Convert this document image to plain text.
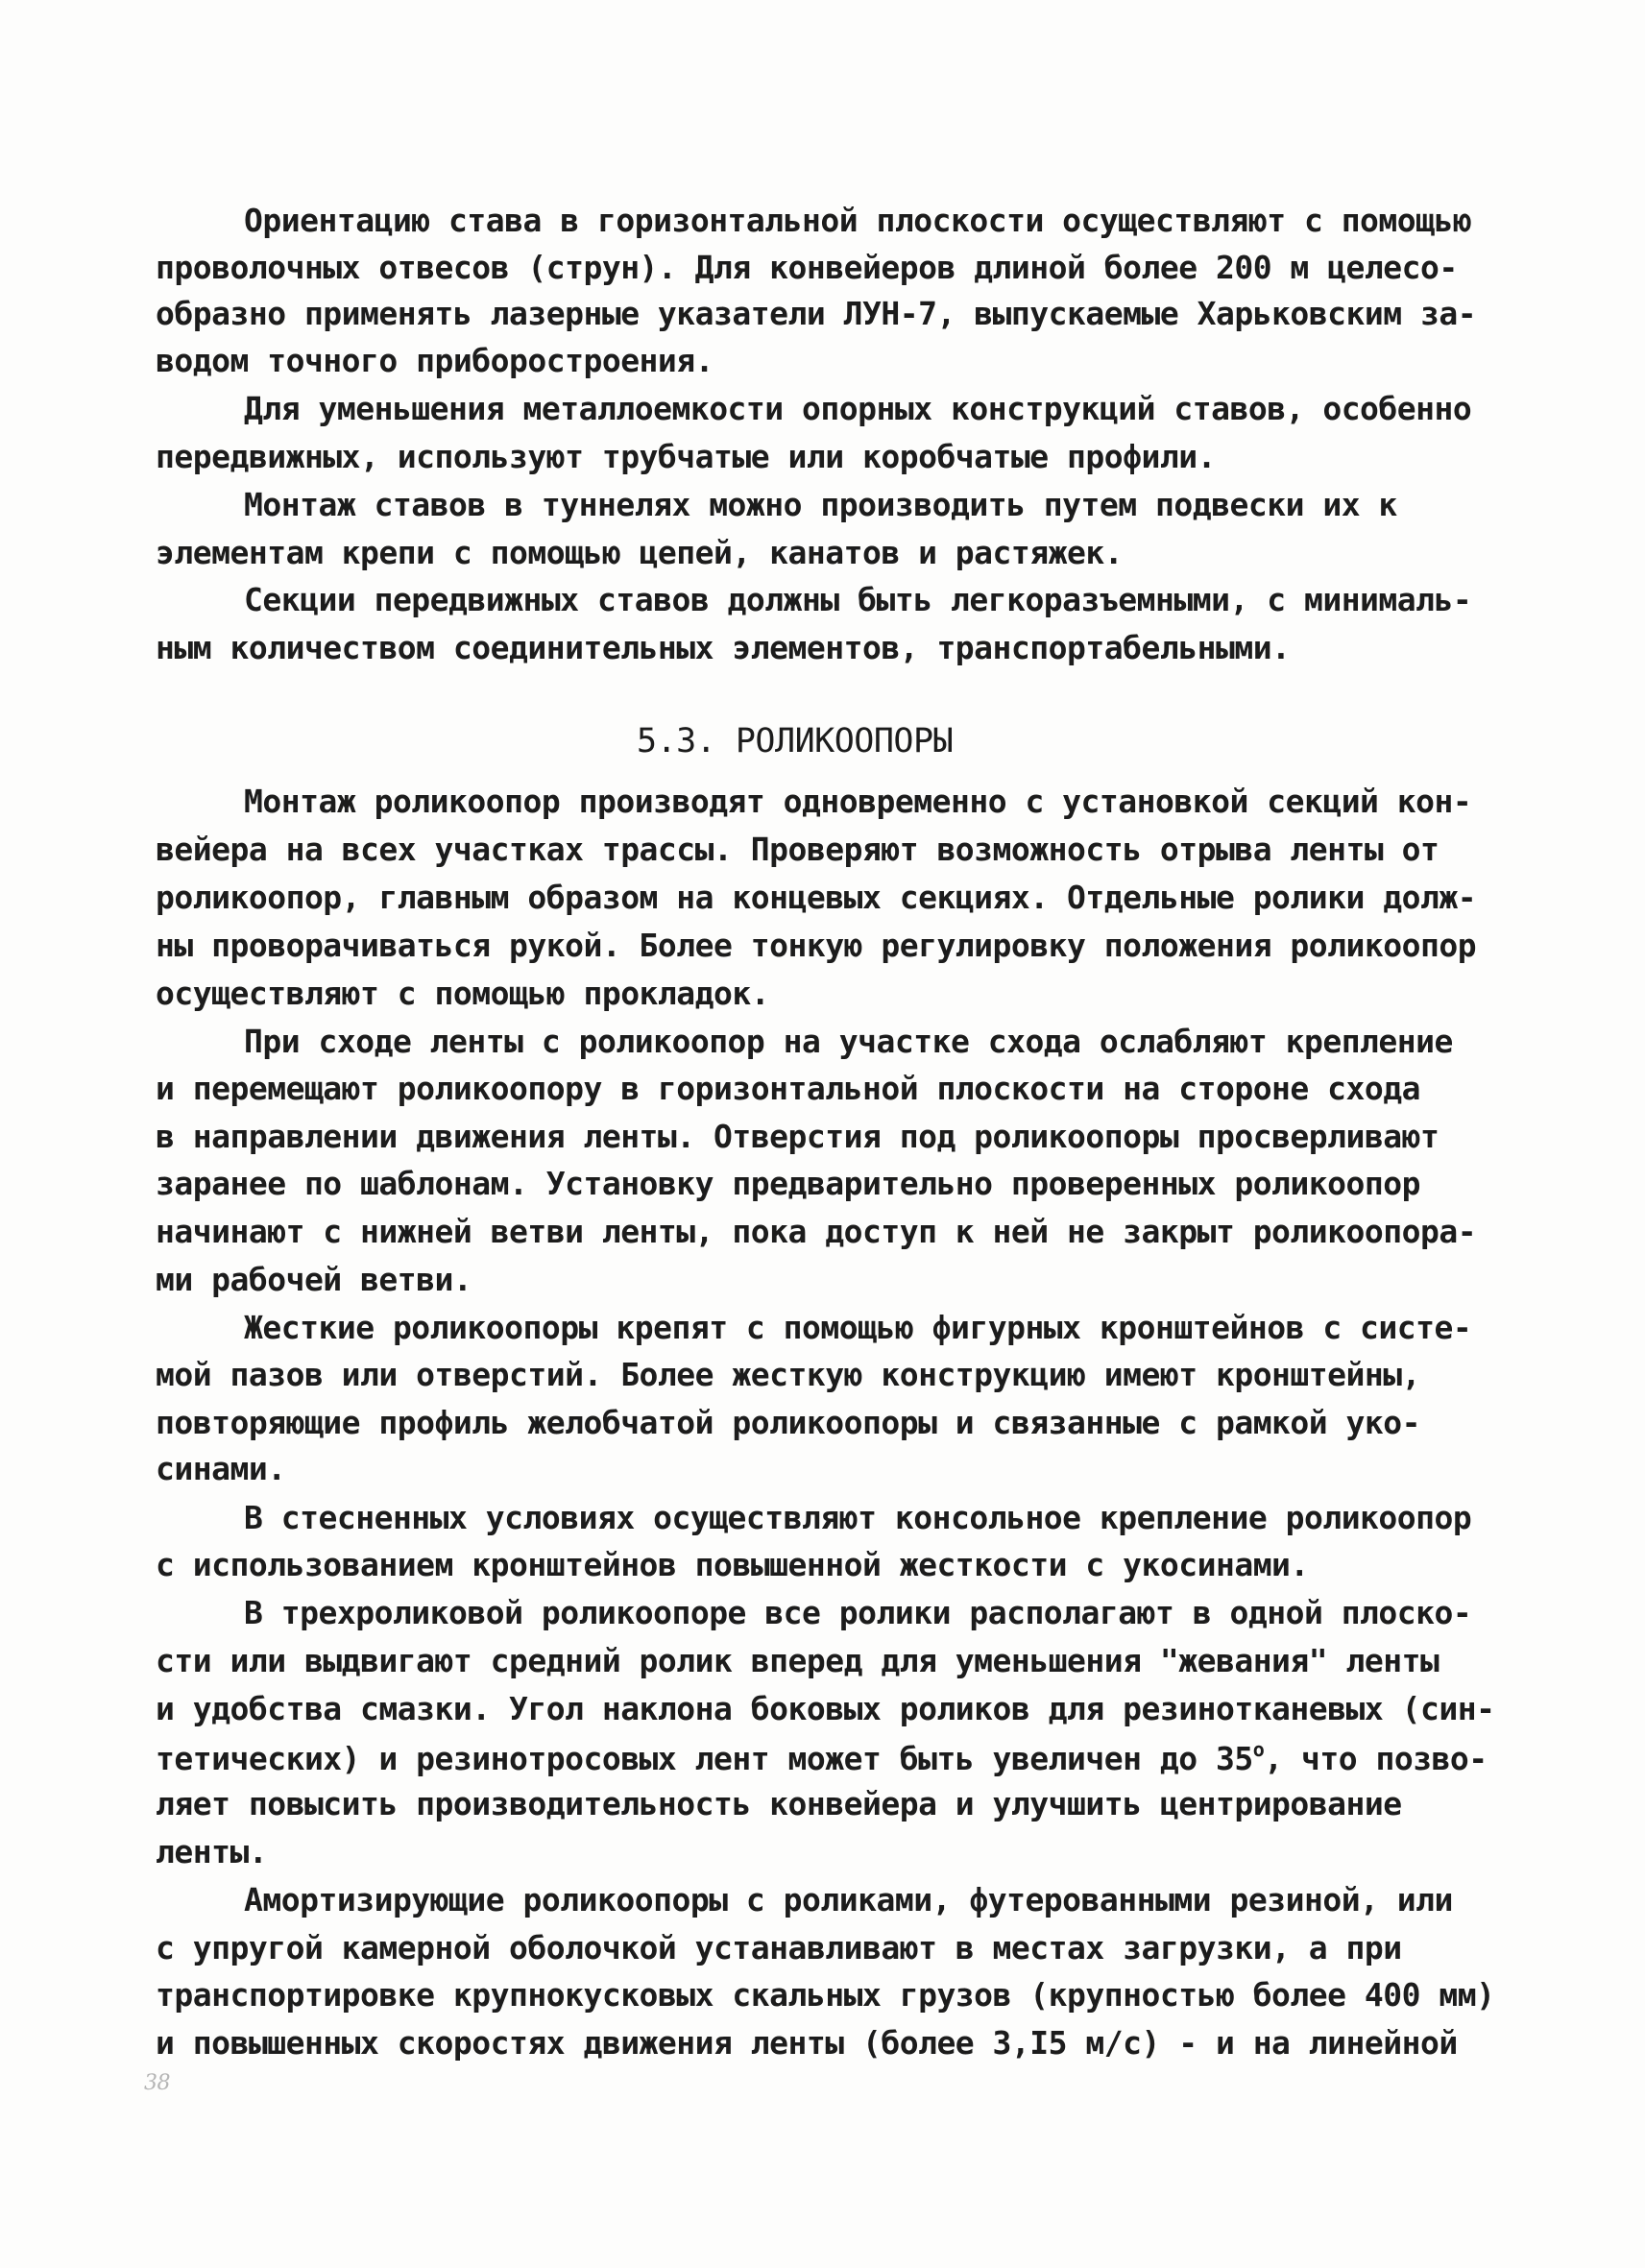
Ориентацию става в горизонтальной плоскости осуществляют с помощью
проволочных отвесов (струн). Для конвейеров длиной более 200 м целесо-
образно применять лазерные указатели ЛУН-7, выпускаемые Харьковским за-
водом точного приборостроения.
Для уменьшения металлоемкости опорных конструкций ставов, особенно
передвижных, используют трубчатые или коробчатые профили.
Монтаж ставов в туннелях можно производить путем подвески их к
элементам крепи с помощью цепей, канатов и растяжек.
Секции передвижных ставов должны быть легкоразъемными, с минималь-
ным количеством соединительных элементов, транспортабельными.
5.3. РОЛИКООПОРЫ
Монтаж роликоопор производят одновременно с установкой секций кон-
вейера на всех участках трассы. Проверяют возможность отрыва ленты от
роликоопор, главным образом на концевых секциях. Отдельные ролики долж-
ны проворачиваться рукой. Более тонкую регулировку положения роликоопор
осуществляют с помощью прокладок.
При сходе ленты с роликоопор на участке схода ослабляют крепление
и перемещают роликоопору в горизонтальной плоскости на стороне схода
в направлении движения ленты. Отверстия под роликоопоры просверливают
заранее по шаблонам. Установку предварительно проверенных роликоопор
начинают с нижней ветви ленты, пока доступ к ней не закрыт роликоопора-
ми рабочей ветви.
Жесткие роликоопоры крепят с помощью фигурных кронштейнов с систе-
мой пазов или отверстий. Более жесткую конструкцию имеют кронштейны,
повторяющие профиль желобчатой роликоопоры и связанные с рамкой укo-
синами.
В стесненных условиях осуществляют консольное крепление роликоопор
с использованием кронштейнов повышенной жесткости с укосинами.
В трехроликовой роликоопоре все ролики располагают в одной плоско-
сти или выдвигают средний ролик вперед для уменьшения "жевания" ленты
и удобства смазки. Угол наклона боковых роликов для резинотканевых (син-
тетических) и резинотросовых лент может быть увеличен до $35^о$, что позво-
ляет повысить производительность конвейера и улучшить центрирование
ленты.
Амортизирующие роликоопоры с роликами, футерованными резиной, или
с упругой камерной оболочкой устанавливают в местах загрузки, а при
транспортировке крупнокусковых скальных грузов (крупностью более 400 мм)
и повышенных скоростях движения ленты (более 3,I5 м/с) - и на линейной
38
